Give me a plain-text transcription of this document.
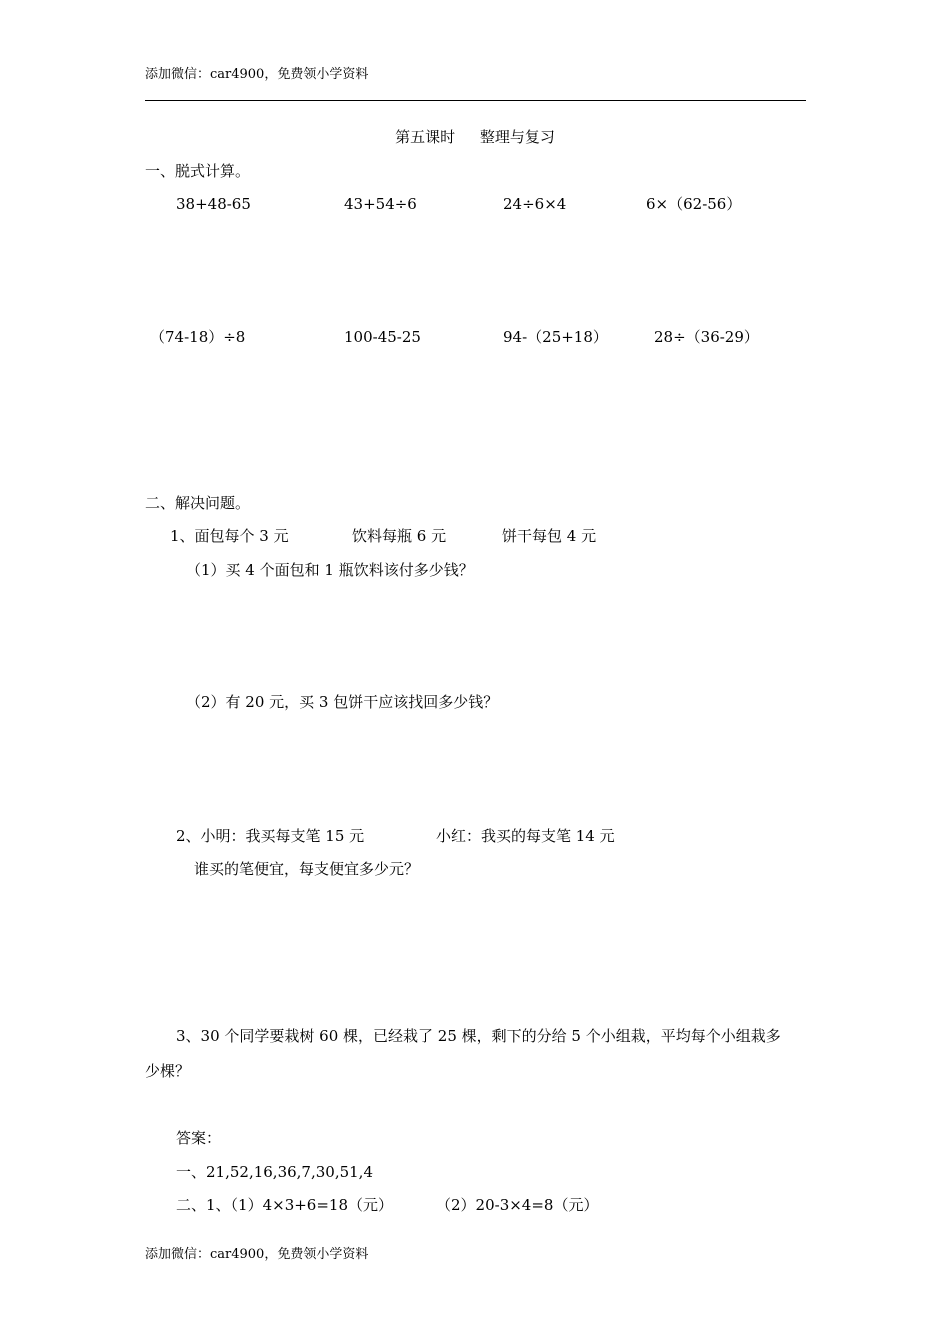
添加微信：car4900，免费领小学资料
第五课时 整理与复习
一、脱式计算。
38+48-65	43+54÷6	24÷6×4	6×（62-56）
（74-18）÷8	100-45-25	94-（25+18）	28÷（36-29）
二、解决问题。
1、面包每个 3 元	饮料每瓶 6 元	饼干每包 4 元
（1）买 4 个面包和 1 瓶饮料该付多少钱？
（2）有 20 元，买 3 包饼干应该找回多少钱？
2、小明：我买每支笔 15 元	小红：我买的每支笔 14 元
谁买的笔便宜，每支便宜多少元？
3、30 个同学要栽树 60 棵，已经栽了 25 棵，剩下的分给 5 个小组栽，平均每个小组栽多
少棵？
答案：
一、21,52,16,36,7,30,51,4
二、1、（1）4×3+6=18（元）	（2）20-3×4=8（元）
添加微信：car4900，免费领小学资料
